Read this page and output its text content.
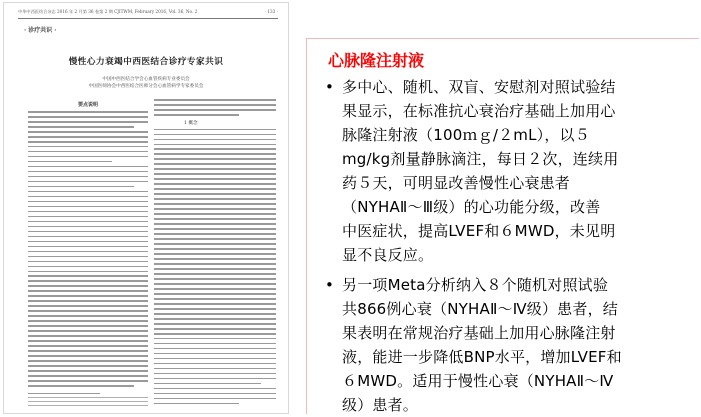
中华中西医结合杂志 2016 年 2 月第 36 卷第 2 期 CJITWM, February 2016, Vol. 36, No. 2	· 133 ·
· 诊疗共识 ·
慢性心力衰竭中西医结合诊疗专家共识
中国中西医结合学会心血管疾病专业委员会
中国医师协会中西医结合医师分会心血管病学专家委员会
要点说明
1 概念
心脉隆注射液
• 多中心、随机、双盲、安慰剂对照试验结
果显示，在标准抗心衰治疗基础上加用心
脉隆注射液（100ｍｇ/２mL），以５
mg/kg剂量静脉滴注，每日２次，连续用
药５天，可明显改善慢性心衰患者
（NYHAⅡ～Ⅲ级）的心功能分级，改善
中医症状，提高LVEF和６MWD，未见明
显不良反应。
• 另一项Meta分析纳入８个随机对照试验
共866例心衰（NYHAⅡ～Ⅳ级）患者，结
果表明在常规治疗基础上加用心脉隆注射
液，能进一步降低BNP水平，增加LVEF和
６MWD。适用于慢性心衰（NYHAⅡ～Ⅳ
级）患者。
